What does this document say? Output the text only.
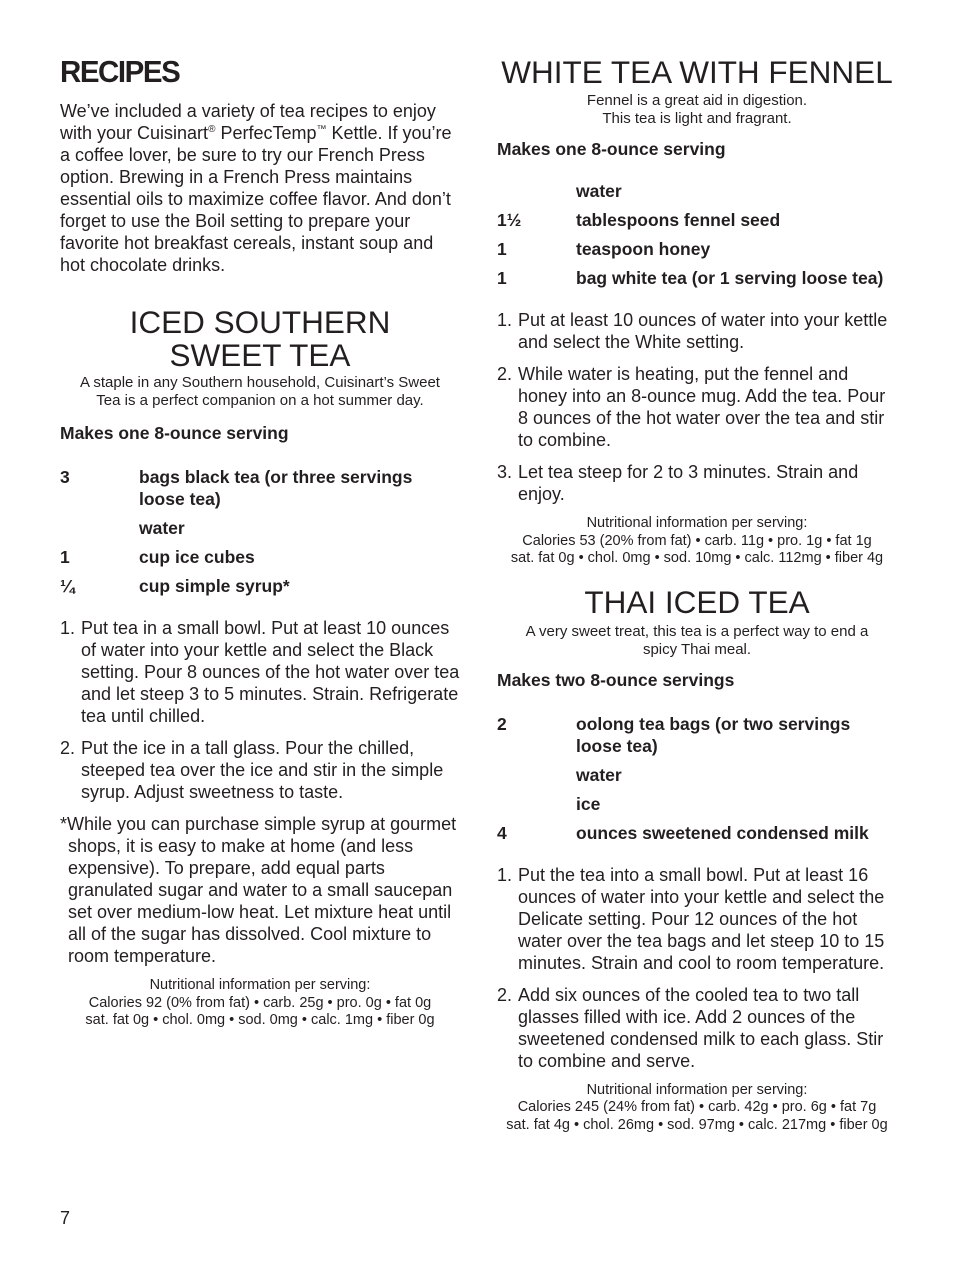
RECIPES

We’ve included a variety of tea recipes to enjoy with your Cuisinart® PerfecTemp™ Kettle. If you’re a coffee lover, be sure to try our French Press option. Brewing in a French Press maintains essential oils to maximize coffee flavor. And don’t forget to use the Boil setting to prepare your favorite hot breakfast cereals, instant soup and hot chocolate drinks.

ICED SOUTHERN
SWEET TEA

A staple in any Southern household, Cuisinart’s Sweet Tea is a perfect companion on a hot summer day.

Makes one 8-ounce serving

3	bags black tea (or three servings loose tea)
water
1	cup ice cubes
¼	cup simple syrup*
1. Put tea in a small bowl. Put at least 10 ounces of water into your kettle and select the Black setting. Pour 8 ounces of the hot water over tea and let steep 3 to 5 minutes. Strain. Refrigerate tea until chilled.
2. Put the ice in a tall glass. Pour the chilled, steeped tea over the ice and stir in the simple syrup. Adjust sweetness to taste.

*While you can purchase simple syrup at gourmet shops, it is easy to make at home (and less expensive). To prepare, add equal parts granulated sugar and water to a small saucepan set over medium-low heat. Let mixture heat until all of the sugar has dissolved. Cool mixture to room temperature.

Nutritional information per serving:

Calories 92 (0% from fat) • carb. 25g • pro. 0g • fat 0g

sat. fat 0g • chol. 0mg • sod. 0mg • calc. 1mg • fiber 0g

WHITE TEA WITH FENNEL

Fennel is a great aid in digestion.
This tea is light and fragrant.

Makes one 8-ounce serving

water
1½	tablespoons fennel seed
1	teaspoon honey
1	bag white tea (or 1 serving loose tea)
1. Put at least 10 ounces of water into your kettle and select the White setting.
2. While water is heating, put the fennel and honey into an 8-ounce mug. Add the tea. Pour 8 ounces of the hot water over the tea and stir to combine.
3. Let tea steep for 2 to 3 minutes. Strain and enjoy.

Nutritional information per serving:

Calories 53 (20% from fat) • carb. 11g • pro. 1g • fat 1g

sat. fat 0g • chol. 0mg • sod. 10mg • calc. 112mg • fiber 4g

THAI ICED TEA

A very sweet treat, this tea is a perfect way to end a spicy Thai meal.

Makes two 8-ounce servings

2	oolong tea bags (or two servings loose tea)
water
ice
4	ounces sweetened condensed milk
1. Put the tea into a small bowl. Put at least 16 ounces of water into your kettle and select the Delicate setting. Pour 12 ounces of the hot water over the tea bags and let steep 10 to 15 minutes. Strain and cool to room temperature.
2. Add six ounces of the cooled tea to two tall glasses filled with ice. Add 2 ounces of the sweetened condensed milk to each glass. Stir to combine and serve.

Nutritional information per serving:

Calories 245 (24% from fat) • carb. 42g • pro. 6g • fat 7g

sat. fat 4g • chol. 26mg • sod. 97mg • calc. 217mg • fiber 0g

7
